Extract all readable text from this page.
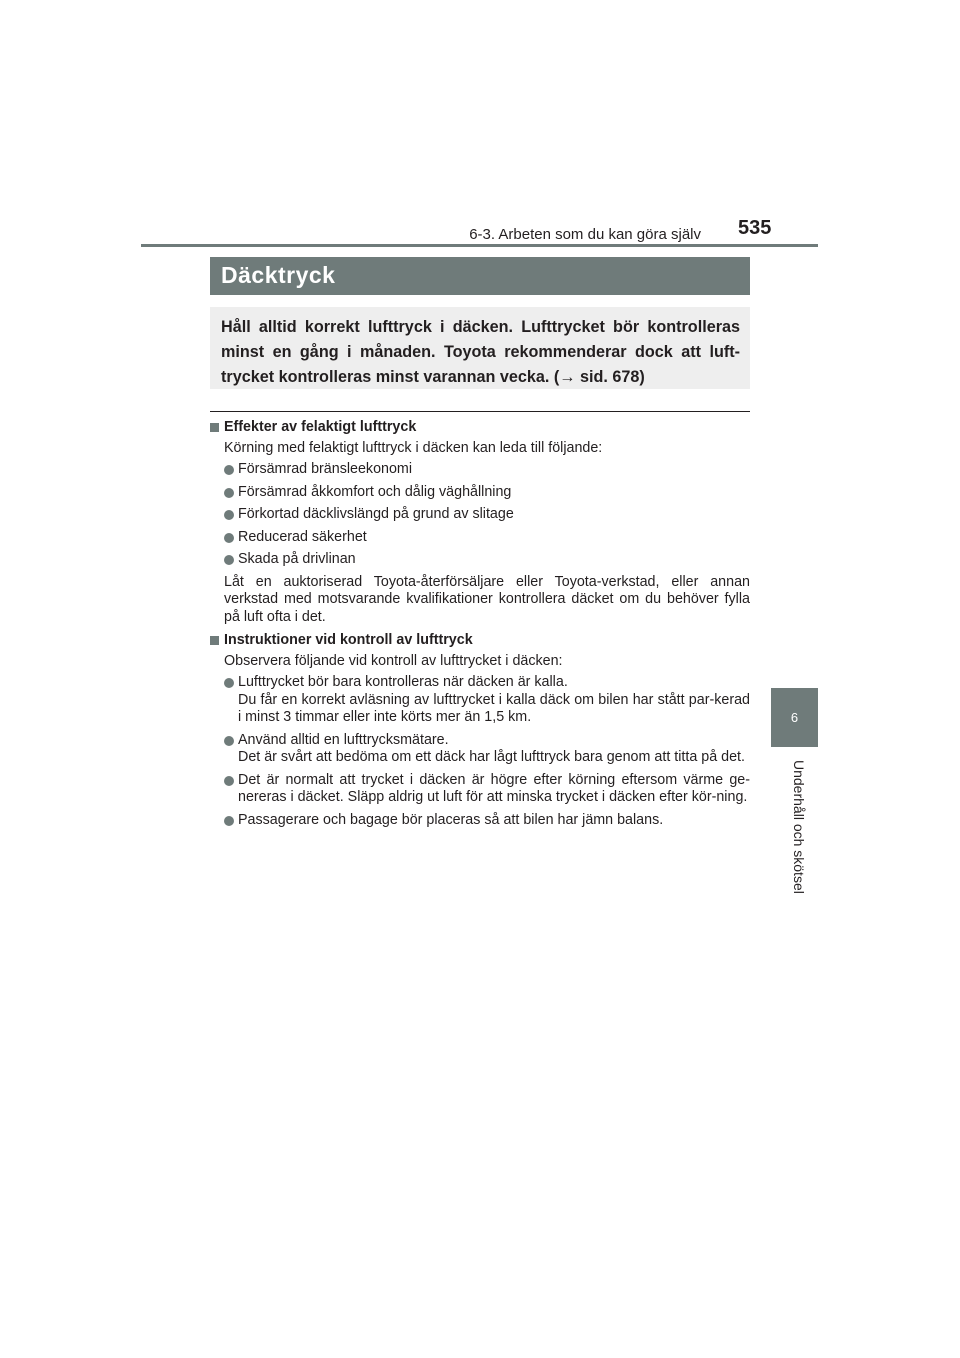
6-3. Arbeten som du kan göra själv 535
6
Underhåll och skötsel
Däcktryck
Håll alltid korrekt lufttryck i däcken. Lufttrycket bör kontrolleras minst en gång i månaden. Toyota rekommenderar dock att luft-trycket kontrolleras minst varannan vecka. (→ sid. 678)
Effekter av felaktigt lufttryck
Körning med felaktigt lufttryck i däcken kan leda till följande:
Försämrad bränsleekonomi
Försämrad åkkomfort och dålig väghållning
Förkortad däcklivslängd på grund av slitage
Reducerad säkerhet
Skada på drivlinan
Låt en auktoriserad Toyota-återförsäljare eller Toyota-verkstad, eller annan verkstad med motsvarande kvalifikationer kontrollera däcket om du behöver fylla på luft ofta i det.
Instruktioner vid kontroll av lufttryck
Observera följande vid kontroll av lufttrycket i däcken:
Lufttrycket bör bara kontrolleras när däcken är kalla.
Du får en korrekt avläsning av lufttrycket i kalla däck om bilen har stått par-kerad i minst 3 timmar eller inte körts mer än 1,5 km.
Använd alltid en lufttrycksmätare.
Det är svårt att bedöma om ett däck har lågt lufttryck bara genom att titta på det.
Det är normalt att trycket i däcken är högre efter körning eftersom värme ge-nereras i däcket. Släpp aldrig ut luft för att minska trycket i däcken efter kör-ning.
Passagerare och bagage bör placeras så att bilen har jämn balans.
